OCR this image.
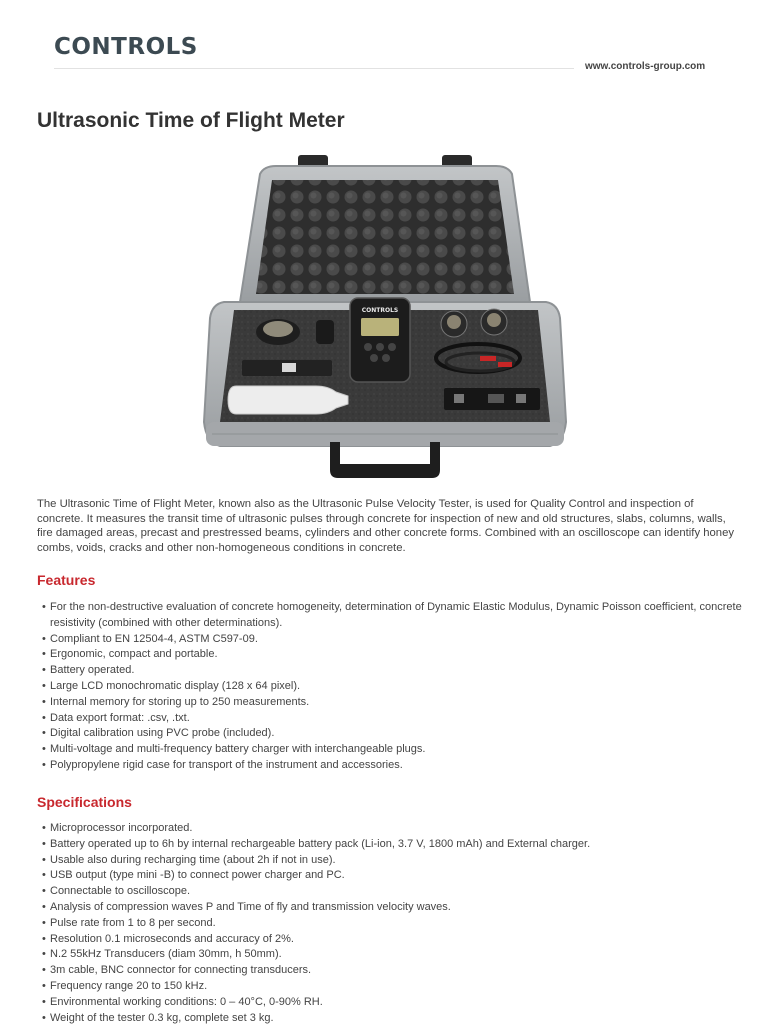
CONTROLS
www.controls-group.com
Ultrasonic Time of Flight Meter
CONTROLS

The Ultrasonic Time of Flight Meter, known also as the Ultrasonic Pulse Velocity Tester, is used for Quality Control and inspection of concrete. It measures the transit time of ultrasonic pulses through concrete for inspection of new and old structures, slabs, columns, walls, fire damaged areas, precast and prestressed beams, cylinders and other concrete forms. Combined with an oscilloscope can identify honey combs, voids, cracks and other non-homogeneous conditions in concrete.

Features
• For the non-destructive evaluation of concrete homogeneity, determination of Dynamic Elastic Modulus, Dynamic Poisson coefficient, concrete resistivity (combined with other determinations).
• Compliant to EN 12504-4, ASTM C597-09.
• Ergonomic, compact and portable.
• Battery operated.
• Large LCD monochromatic display (128 x 64 pixel).
• Internal memory for storing up to 250 measurements.
• Data export format: .csv, .txt.
• Digital calibration using PVC probe (included).
• Multi-voltage and multi-frequency battery charger with interchangeable plugs.
• Polypropylene rigid case for transport of the instrument and accessories.
Specifications
• Microprocessor incorporated.
• Battery operated up to 6h by internal rechargeable battery pack (Li-ion, 3.7 V, 1800 mAh) and External charger.
• Usable also during recharging time (about 2h if not in use).
• USB output (type mini -B) to connect power charger and PC.
• Connectable to oscilloscope.
• Analysis of compression waves P and Time of fly and transmission velocity waves.
• Pulse rate from 1 to 8 per second.
• Resolution 0.1 microseconds and accuracy of 2%.
• N.2 55kHz Transducers (diam 30mm, h 50mm).
• 3m cable, BNC connector for connecting transducers.
• Frequency range 20 to 150 kHz.
• Environmental working conditions: 0 – 40°C, 0-90% RH.
• Weight of the tester 0.3 kg, complete set 3 kg.
